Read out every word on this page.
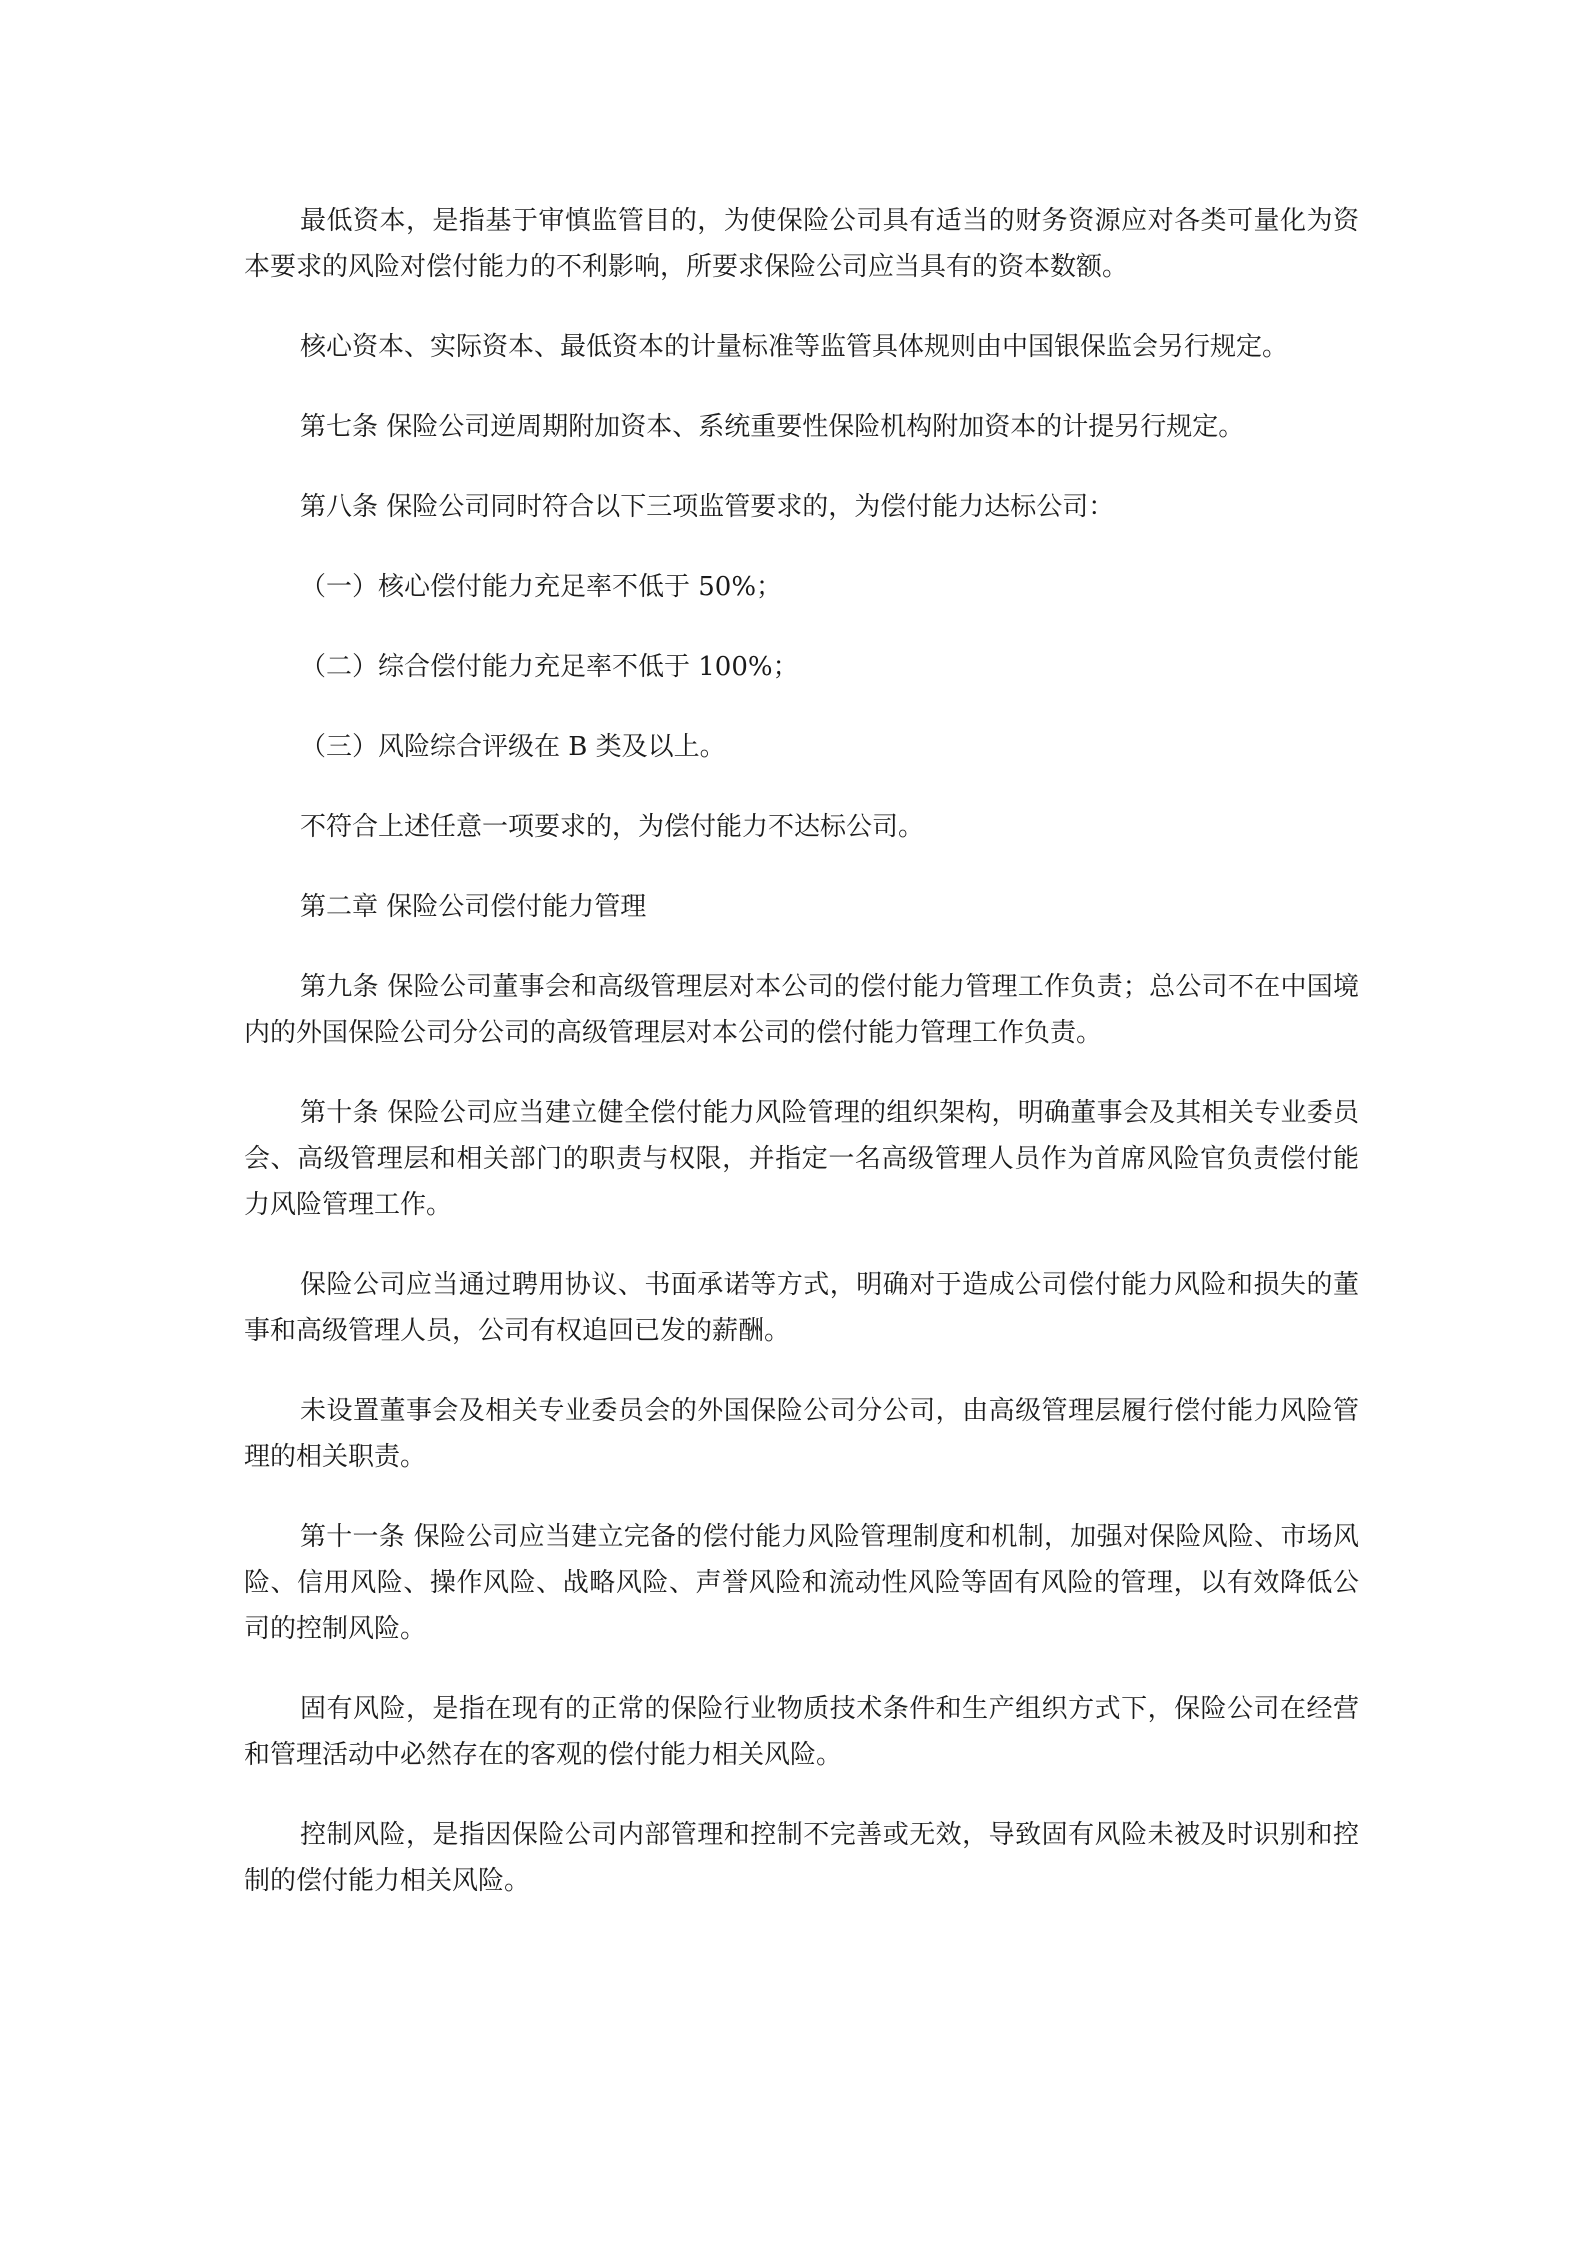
最低资本，是指基于审慎监管目的，为使保险公司具有适当的财务资源应对各类可量化为资本要求的风险对偿付能力的不利影响，所要求保险公司应当具有的资本数额。

核心资本、实际资本、最低资本的计量标准等监管具体规则由中国银保监会另行规定。

第七条 保险公司逆周期附加资本、系统重要性保险机构附加资本的计提另行规定。

第八条 保险公司同时符合以下三项监管要求的，为偿付能力达标公司：

（一）核心偿付能力充足率不低于 50%；

（二）综合偿付能力充足率不低于 100%；

（三）风险综合评级在 B 类及以上。

不符合上述任意一项要求的，为偿付能力不达标公司。

第二章 保险公司偿付能力管理

第九条 保险公司董事会和高级管理层对本公司的偿付能力管理工作负责；总公司不在中国境内的外国保险公司分公司的高级管理层对本公司的偿付能力管理工作负责。

第十条 保险公司应当建立健全偿付能力风险管理的组织架构，明确董事会及其相关专业委员会、高级管理层和相关部门的职责与权限，并指定一名高级管理人员作为首席风险官负责偿付能力风险管理工作。

保险公司应当通过聘用协议、书面承诺等方式，明确对于造成公司偿付能力风险和损失的董事和高级管理人员，公司有权追回已发的薪酬。

未设置董事会及相关专业委员会的外国保险公司分公司，由高级管理层履行偿付能力风险管理的相关职责。

第十一条 保险公司应当建立完备的偿付能力风险管理制度和机制，加强对保险风险、市场风险、信用风险、操作风险、战略风险、声誉风险和流动性风险等固有风险的管理，以有效降低公司的控制风险。

固有风险，是指在现有的正常的保险行业物质技术条件和生产组织方式下，保险公司在经营和管理活动中必然存在的客观的偿付能力相关风险。

控制风险，是指因保险公司内部管理和控制不完善或无效，导致固有风险未被及时识别和控制的偿付能力相关风险。
